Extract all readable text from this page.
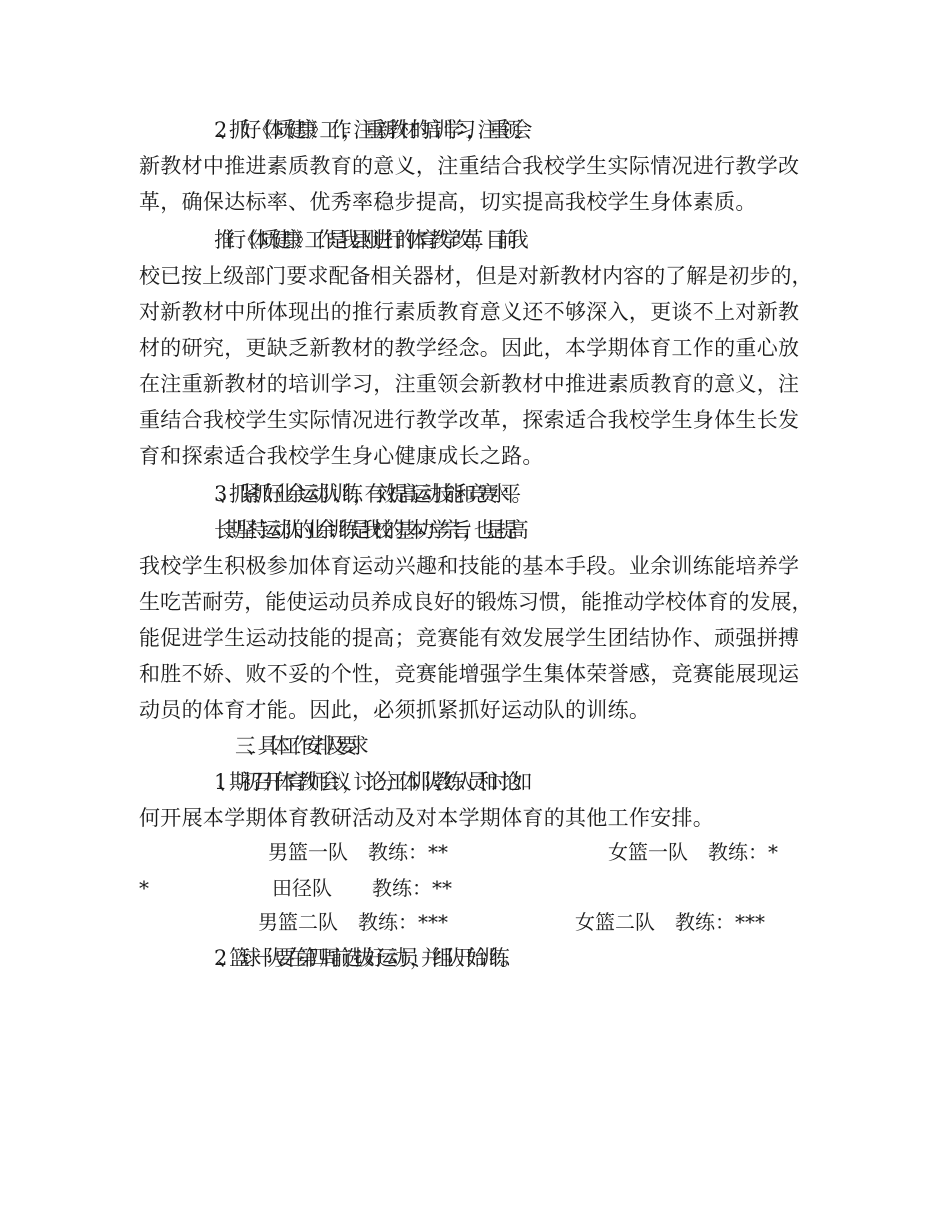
2、抓好《体质健康》工作，注重新教材的培训学习，注重领会
新教材中推进素质教育的意义，注重结合我校学生实际情况进行教学改
革，确保达标率、优秀率稳步提高，切实提高我校学生身体素质。
推行《体质健康》工作是我县刚进行的体育教学改革，目前我
校已按上级部门要求配备相关器材，但是对新教材内容的了解是初步的，
对新教材中所体现出的推行素质教育意义还不够深入，更谈不上对新教
材的研究，更缺乏新教材的教学经念。因此，本学期体育工作的重心放
在注重新教材的培训学习，注重领会新教材中推进素质教育的意义，注
重结合我校学生实际情况进行教学改革，探索适合我校学生身体生长发
育和探索适合我校学生身心健康成长之路。
3、抓紧抓好业余运动队训练，有效提高运动技能和竞赛水平。
长期坚持运动队的业余训练是我校的基本办学宗旨，也是提高
我校学生积极参加体育运动兴趣和技能的基本手段。业余训练能培养学
生吃苦耐劳，能使运动员养成良好的锻炼习惯，能推动学校体育的发展，
能促进学生运动技能的提高；竞赛能有效发展学生团结协作、顽强拼搏
和胜不娇、败不妥的个性，竞赛能增强学生集体荣誉感，竞赛能展现运
动员的体育才能。因此，必须抓紧抓好运动队的训练。
三、具体工作安排及要求
1、期初召开体育教师会议，讨论分工体训队教练人员和讨论如
何开展本学期体育教研活动及对本学期体育的其他工作安排。
男篮一队　教练：**	女篮一队　教练：*
*	田径队　　教练：**
男篮二队　教练：***	女篮二队　教练：***
2、篮球一队要在第四周前选拔好运动员，并组队开始训练。
